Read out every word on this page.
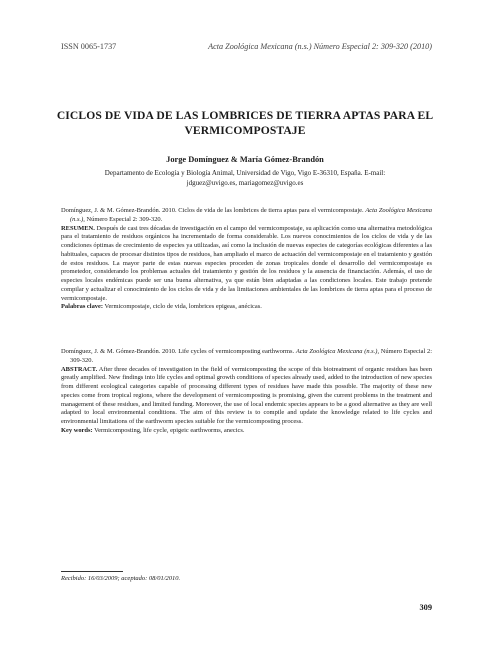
ISSN 0065-1737	Acta Zoológica Mexicana (n.s.) Número Especial 2: 309-320 (2010)
CICLOS DE VIDA DE LAS LOMBRICES DE TIERRA APTAS PARA EL VERMICOMPOSTAJE
Jorge Domínguez & María Gómez-Brandón
Departamento de Ecología y Biología Animal, Universidad de Vigo, Vigo E-36310, España. E-mail:
jdguez@uvigo.es, mariagomez@uvigo.es

Domínguez, J. & M. Gómez-Brandón. 2010. Ciclos de vida de las lombrices de tierra aptas para el vermicompostaje. Acta Zoológica Mexicana (n.s.), Número Especial 2: 309-320.

RESUMEN. Después de casi tres décadas de investigación en el campo del vermicompostaje, su aplicación como una alternativa metodológica para el tratamiento de residuos orgánicos ha incrementado de forma considerable. Los nuevos conocimientos de los ciclos de vida y de las condiciones óptimas de crecimiento de especies ya utilizadas, así como la inclusión de nuevas especies de categorías ecológicas diferentes a las habituales, capaces de procesar distintos tipos de residuos, han ampliado el marco de actuación del vermicompostaje en el tratamiento y gestión de estos residuos. La mayor parte de estas nuevas especies proceden de zonas tropicales donde el desarrollo del vermicompostaje es prometedor, considerando los problemas actuales del tratamiento y gestión de los residuos y la ausencia de financiación. Además, el uso de especies locales endémicas puede ser una buena alternativa, ya que están bien adaptadas a las condiciones locales. Este trabajo pretende compilar y actualizar el conocimiento de los ciclos de vida y de las limitaciones ambientales de las lombrices de tierra aptas para el proceso de vermicompostaje.

Palabras clave: Vermicompostaje, ciclo de vida, lombrices epigeas, anécicas.

Domínguez, J. & M. Gómez-Brandón. 2010. Life cycles of vermicomposting earthworms. Acta Zoológica Mexicana (n.s.), Número Especial 2: 309-320.

ABSTRACT. After three decades of investigation in the field of vermicomposting the scope of this biotreatment of organic residues has been greatly amplified. New findings into life cycles and optimal growth conditions of species already used, added to the introduction of new species from different ecological categories capable of processing different types of residues have made this possible. The majority of these new species come from tropical regions, where the development of vermicomposting is promising, given the current problems in the treatment and management of these residues, and limited funding. Moreover, the use of local endemic species appears to be a good alternative as they are well adapted to local environmental conditions. The aim of this review is to compile and update the knowledge related to life cycles and environmental limitations of the earthworm species suitable for the vermicomposting process.

Key words: Vermicomposting, life cycle, epigeic earthworms, anecics.

Recibido: 16/03/2009; aceptado: 08/01/2010.
309
